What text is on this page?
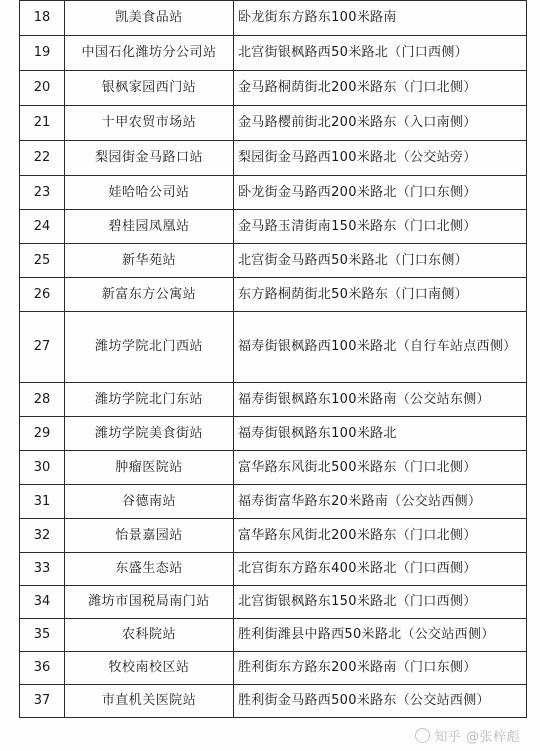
18	凯美食品站	卧龙街东方路东100米路南
19	中国石化潍坊分公司站	北宫街银枫路西50米路北（门口西侧）
20	银枫家园西门站	金马路桐荫街北200米路东（门口北侧）
21	十甲农贸市场站	金马路樱前街北200米路东（入口南侧）
22	梨园街金马路口站	梨园街金马路西100米路北（公交站旁）
23	娃哈哈公司站	卧龙街金马路西200米路北（门口东侧）
24	碧桂园凤凰站	金马路玉清街南150米路东（门口北侧）
25	新华苑站	北宫街金马路西50米路北（门口东侧）
26	新富东方公寓站	东方路桐荫街北50米路东（门口南侧）
27	潍坊学院北门西站	福寿街银枫路西100米路北（自行车站点西侧）
28	潍坊学院北门东站	福寿街银枫路东100米路南（公交站东侧）
29	潍坊学院美食街站	福寿街银枫路东100米路北
30	肿瘤医院站	富华路东风街北500米路东（门口北侧）
31	谷德南站	福寿街富华路东20米路南（公交站西侧）
32	怡景嘉园站	富华路东风街北200米路东（门口北侧）
33	东盛生态站	北宫街东方路东400米路北（门口西侧）
34	潍坊市国税局南门站	北宫街银枫路东150米路北（门口西侧）
35	农科院站	胜利街潍县中路西50米路北（公交站西侧）
36	牧校南校区站	胜利街东方路东200米路南（门口东侧）
37	市直机关医院站	胜利街金马路西500米路东（公交站西侧）
知乎 @张梓彪
